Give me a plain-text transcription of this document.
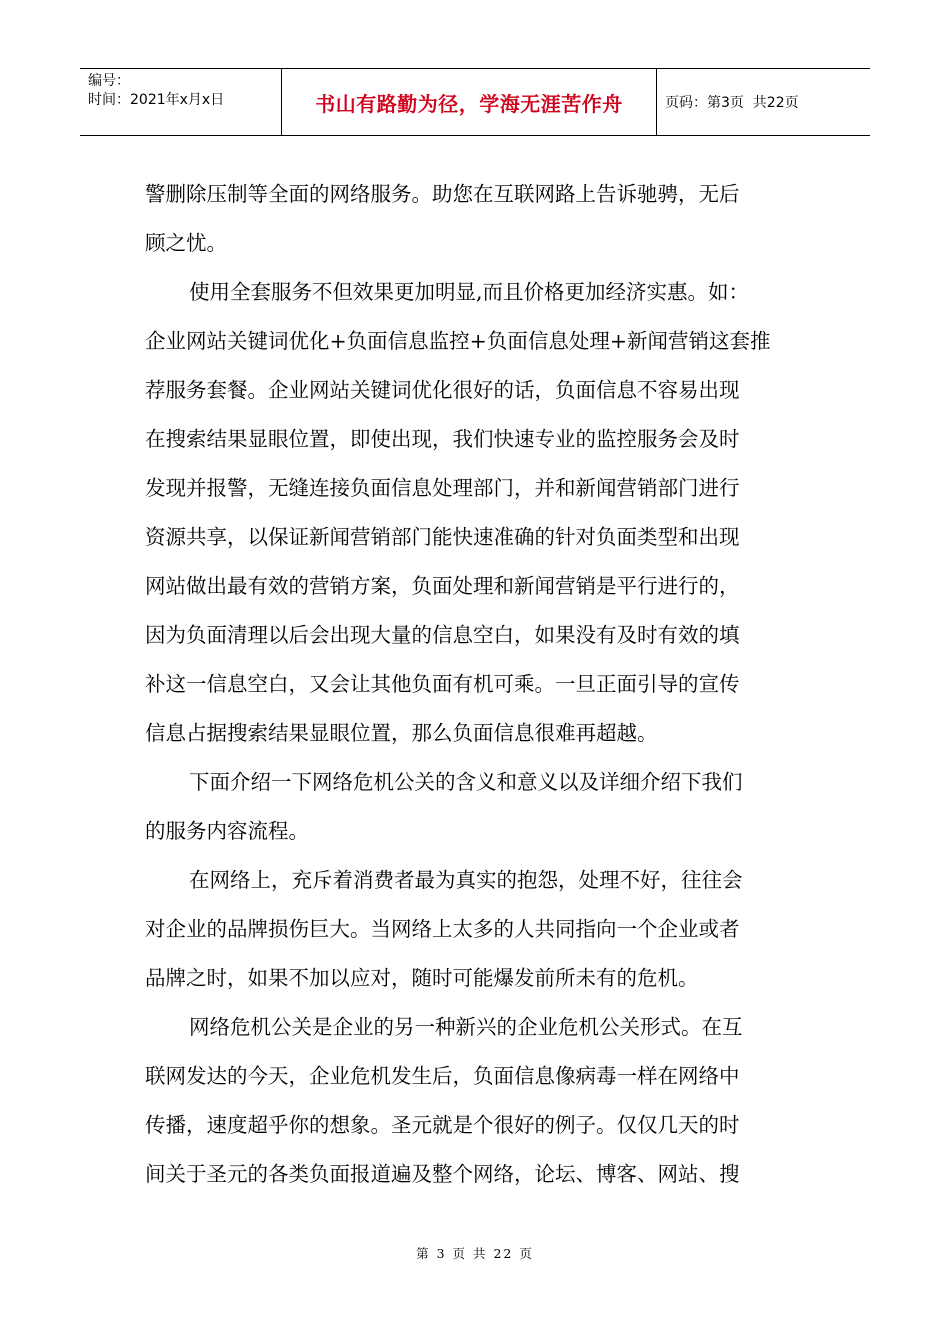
编号：
时间：2021年x月x日	书山有路勤为径，学海无涯苦作舟	页码：第3页  共22页
警删除压制等全面的网络服务。助您在互联网路上告诉驰骋，无后
顾之忧。
使用全套服务不但效果更加明显,而且价格更加经济实惠。如：
企业网站关键词优化+负面信息监控+负面信息处理+新闻营销这套推
荐服务套餐。企业网站关键词优化很好的话，负面信息不容易出现
在搜索结果显眼位置，即使出现，我们快速专业的监控服务会及时
发现并报警，无缝连接负面信息处理部门，并和新闻营销部门进行
资源共享，以保证新闻营销部门能快速准确的针对负面类型和出现
网站做出最有效的营销方案，负面处理和新闻营销是平行进行的，
因为负面清理以后会出现大量的信息空白，如果没有及时有效的填
补这一信息空白，又会让其他负面有机可乘。一旦正面引导的宣传
信息占据搜索结果显眼位置，那么负面信息很难再超越。
下面介绍一下网络危机公关的含义和意义以及详细介绍下我们
的服务内容流程。
在网络上，充斥着消费者最为真实的抱怨，处理不好，往往会
对企业的品牌损伤巨大。当网络上太多的人共同指向一个企业或者
品牌之时，如果不加以应对，随时可能爆发前所未有的危机。
网络危机公关是企业的另一种新兴的企业危机公关形式。在互
联网发达的今天，企业危机发生后，负面信息像病毒一样在网络中
传播，速度超乎你的想象。圣元就是个很好的例子。仅仅几天的时
间关于圣元的各类负面报道遍及整个网络，论坛、博客、网站、搜
第 3 页 共 22 页
